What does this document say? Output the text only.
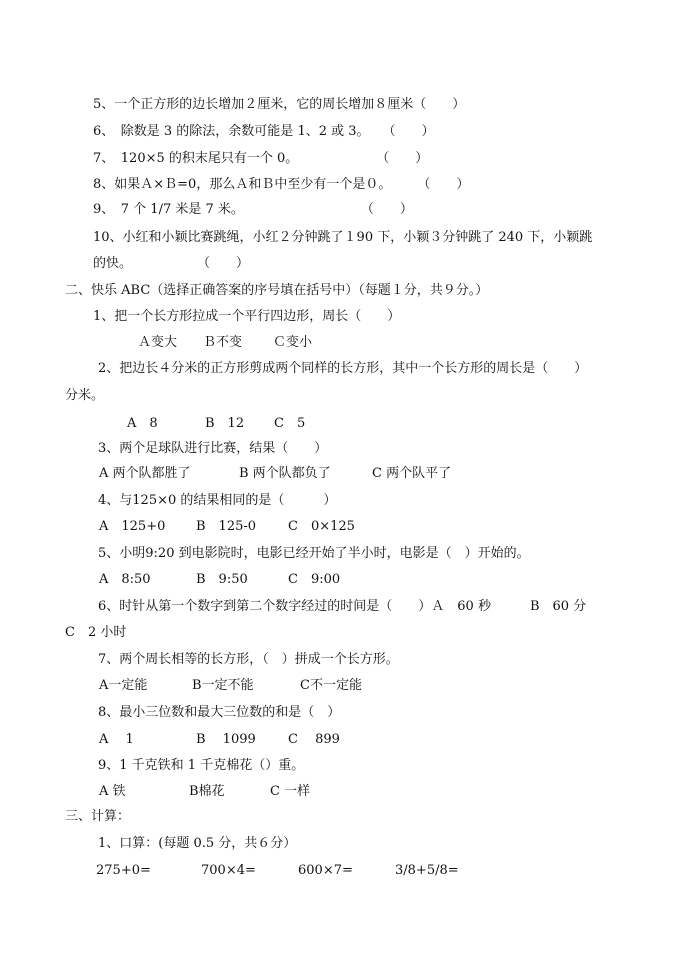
5、一个正方形的边长增加２厘米，它的周长增加８厘米（　　）
6、　除数是 3 的除法，余数可能是 1、2 或 3。　　（　　）
7、　120×5 的积末尾只有一个 0。　　　　　　　（　　）
8、如果Ａ×Ｂ=0，那么Ａ和Ｂ中至少有一个是０。　　　（　　）
9、　7 个 1/7 米是 7 米。　　　　　　　　　　（　　）
10、小红和小颖比赛跳绳，小红２分钟跳了１90 下，小颖３分钟跳了 240 下，小颖跳
的快。　　　　　　（　　）
二、快乐 ABC（选择正确答案的序号填在括号中）（每题１分，共９分。）
1、把一个长方形拉成一个平行四边形，周长（　　）
Ａ变大 Ｂ不变 Ｃ变小
2、把边长４分米的正方形剪成两个同样的长方形，其中一个长方形的周长是（　　）
分米。
A　8	B　12 C　5
3、两个足球队进行比赛，结果（　　）
A 两个队都胜了	B 两个队都负了	C 两个队平了
4、与125×0 的结果相同的是（　　　）
A　125+0 B　125-0 C　0×125
5、小明9:20 到电影院时，电影已经开始了半小时，电影是（　）开始的。
A　8:50	B　9:50	C　9:00
6、时针从第一个数字到第二个数字经过的时间是（　　）Ａ　60 秒　　　B　60 分
C　2 小时
7、两个周长相等的长方形，（　）拼成一个长方形。
A一定能	B一定不能	C不一定能
8、最小三位数和最大三位数的和是（　）
A　 1	B　 1099 C　 899
9、1 千克铁和 1 千克棉花（）重。
A 铁	B棉花	C 一样
三、计算：
1、口算：(每题 0.5 分，共６分）
275+0=	700×4=	600×7=	3/8+5/8=
